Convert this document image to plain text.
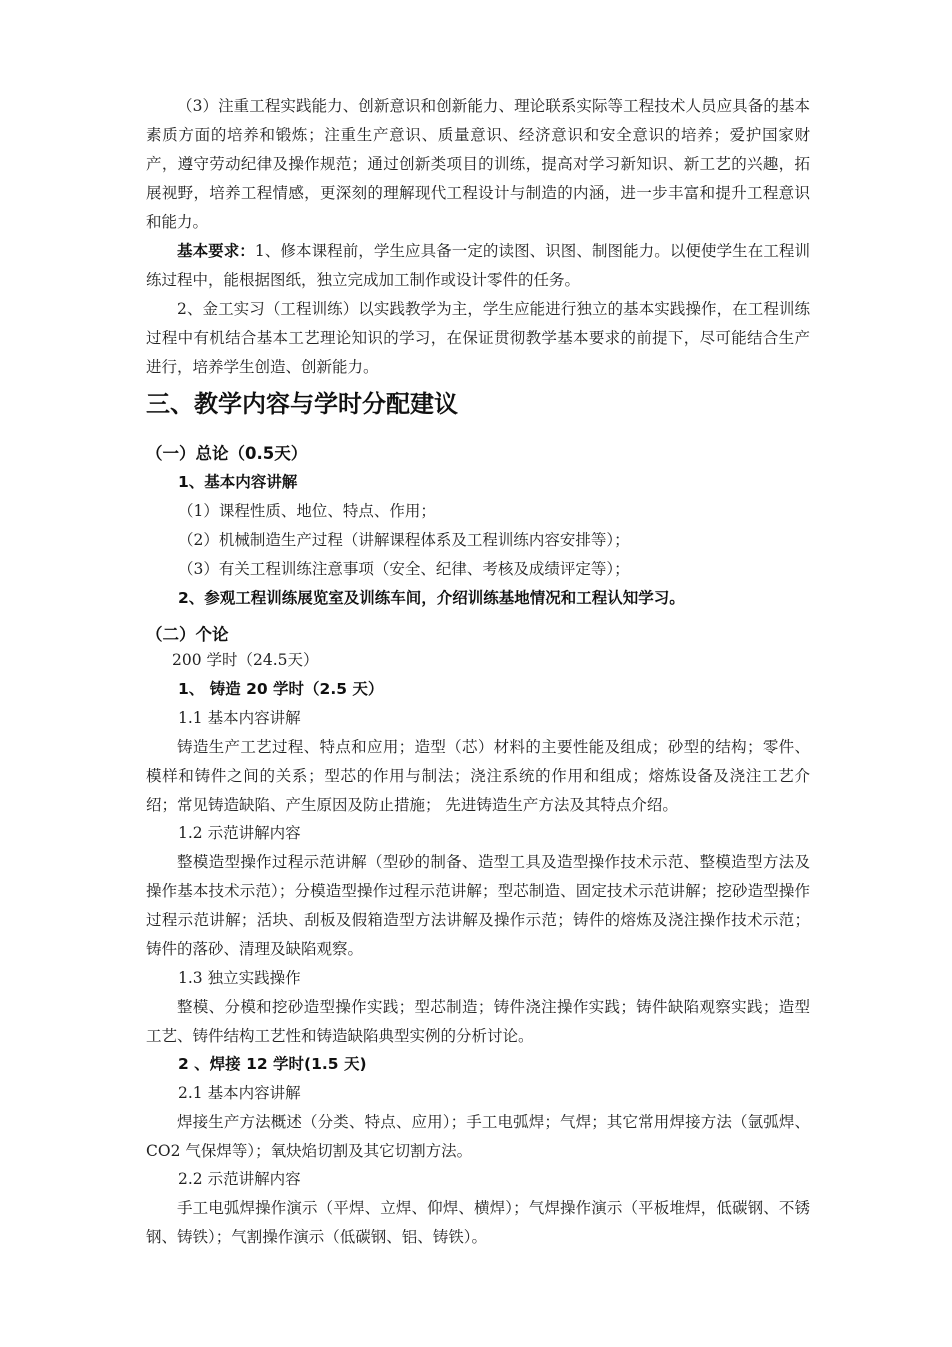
（3）注重工程实践能力、创新意识和创新能力、理论联系实际等工程技术人员应具备的基本素质方面的培养和锻炼；注重生产意识、质量意识、经济意识和安全意识的培养；爱护国家财产，遵守劳动纪律及操作规范；通过创新类项目的训练，提高对学习新知识、新工艺的兴趣，拓展视野，培养工程情感，更深刻的理解现代工程设计与制造的内涵，进一步丰富和提升工程意识和能力。
基本要求：1、修本课程前，学生应具备一定的读图、识图、制图能力。以便使学生在工程训练过程中，能根据图纸，独立完成加工制作或设计零件的任务。
2、金工实习（工程训练）以实践教学为主，学生应能进行独立的基本实践操作，在工程训练过程中有机结合基本工艺理论知识的学习，在保证贯彻教学基本要求的前提下，尽可能结合生产进行，培养学生创造、创新能力。
三、教学内容与学时分配建议
（一）总论（0.5天）
1、基本内容讲解
（1）课程性质、地位、特点、作用；
（2）机械制造生产过程（讲解课程体系及工程训练内容安排等）；
（3）有关工程训练注意事项（安全、纪律、考核及成绩评定等）；
2、参观工程训练展览室及训练车间，介绍训练基地情况和工程认知学习。
（二）个论
200 学时（24.5天）
1、 铸造 20 学时（2.5 天）
1.1 基本内容讲解
铸造生产工艺过程、特点和应用；造型（芯）材料的主要性能及组成；砂型的结构；零件、模样和铸件之间的关系；型芯的作用与制法；浇注系统的作用和组成；熔炼设备及浇注工艺介绍；常见铸造缺陷、产生原因及防止措施； 先进铸造生产方法及其特点介绍。
1.2 示范讲解内容
整模造型操作过程示范讲解（型砂的制备、造型工具及造型操作技术示范、整模造型方法及操作基本技术示范）；分模造型操作过程示范讲解；型芯制造、固定技术示范讲解；挖砂造型操作过程示范讲解；活块、刮板及假箱造型方法讲解及操作示范；铸件的熔炼及浇注操作技术示范；铸件的落砂、清理及缺陷观察。
1.3 独立实践操作
整模、分模和挖砂造型操作实践；型芯制造；铸件浇注操作实践；铸件缺陷观察实践；造型工艺、铸件结构工艺性和铸造缺陷典型实例的分析讨论。
2 、焊接 12 学时(1.5 天)
2.1 基本内容讲解
焊接生产方法概述（分类、特点、应用）；手工电弧焊；气焊；其它常用焊接方法（氩弧焊、CO2 气保焊等）；氧炔焰切割及其它切割方法。
2.2 示范讲解内容
手工电弧焊操作演示（平焊、立焊、仰焊、横焊）；气焊操作演示（平板堆焊，低碳钢、不锈钢、铸铁）；气割操作演示（低碳钢、铝、铸铁）。
